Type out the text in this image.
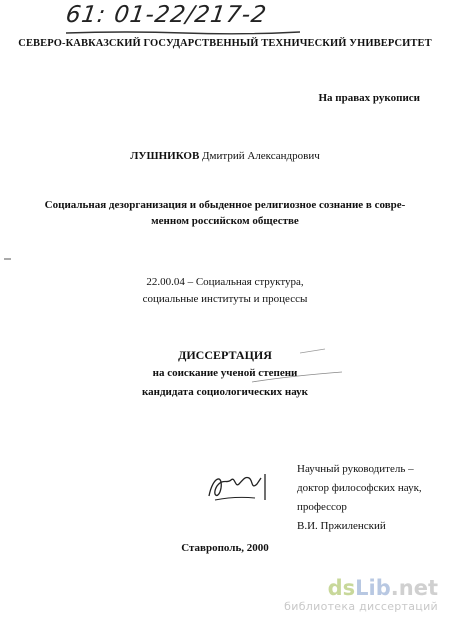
61: 01-22/217-2
СЕВЕРО-КАВКАЗСКИЙ ГОСУДАРСТВЕННЫЙ ТЕХНИЧЕСКИЙ УНИВЕРСИТЕТ
На правах рукописи
ЛУШНИКОВ Дмитрий Александрович
Социальная дезорганизация и обыденное религиозное сознание в совре-
менном российском обществе
22.00.04 – Социальная структура,
социальные институты и процессы
ДИССЕРТАЦИЯ
на соискание ученой степени
кандидата социологических наук
Научный руководитель –
доктор философских наук,
профессор
В.И. Пржиленский
Ставрополь, 2000
dsLib.net
библиотека диссертаций
